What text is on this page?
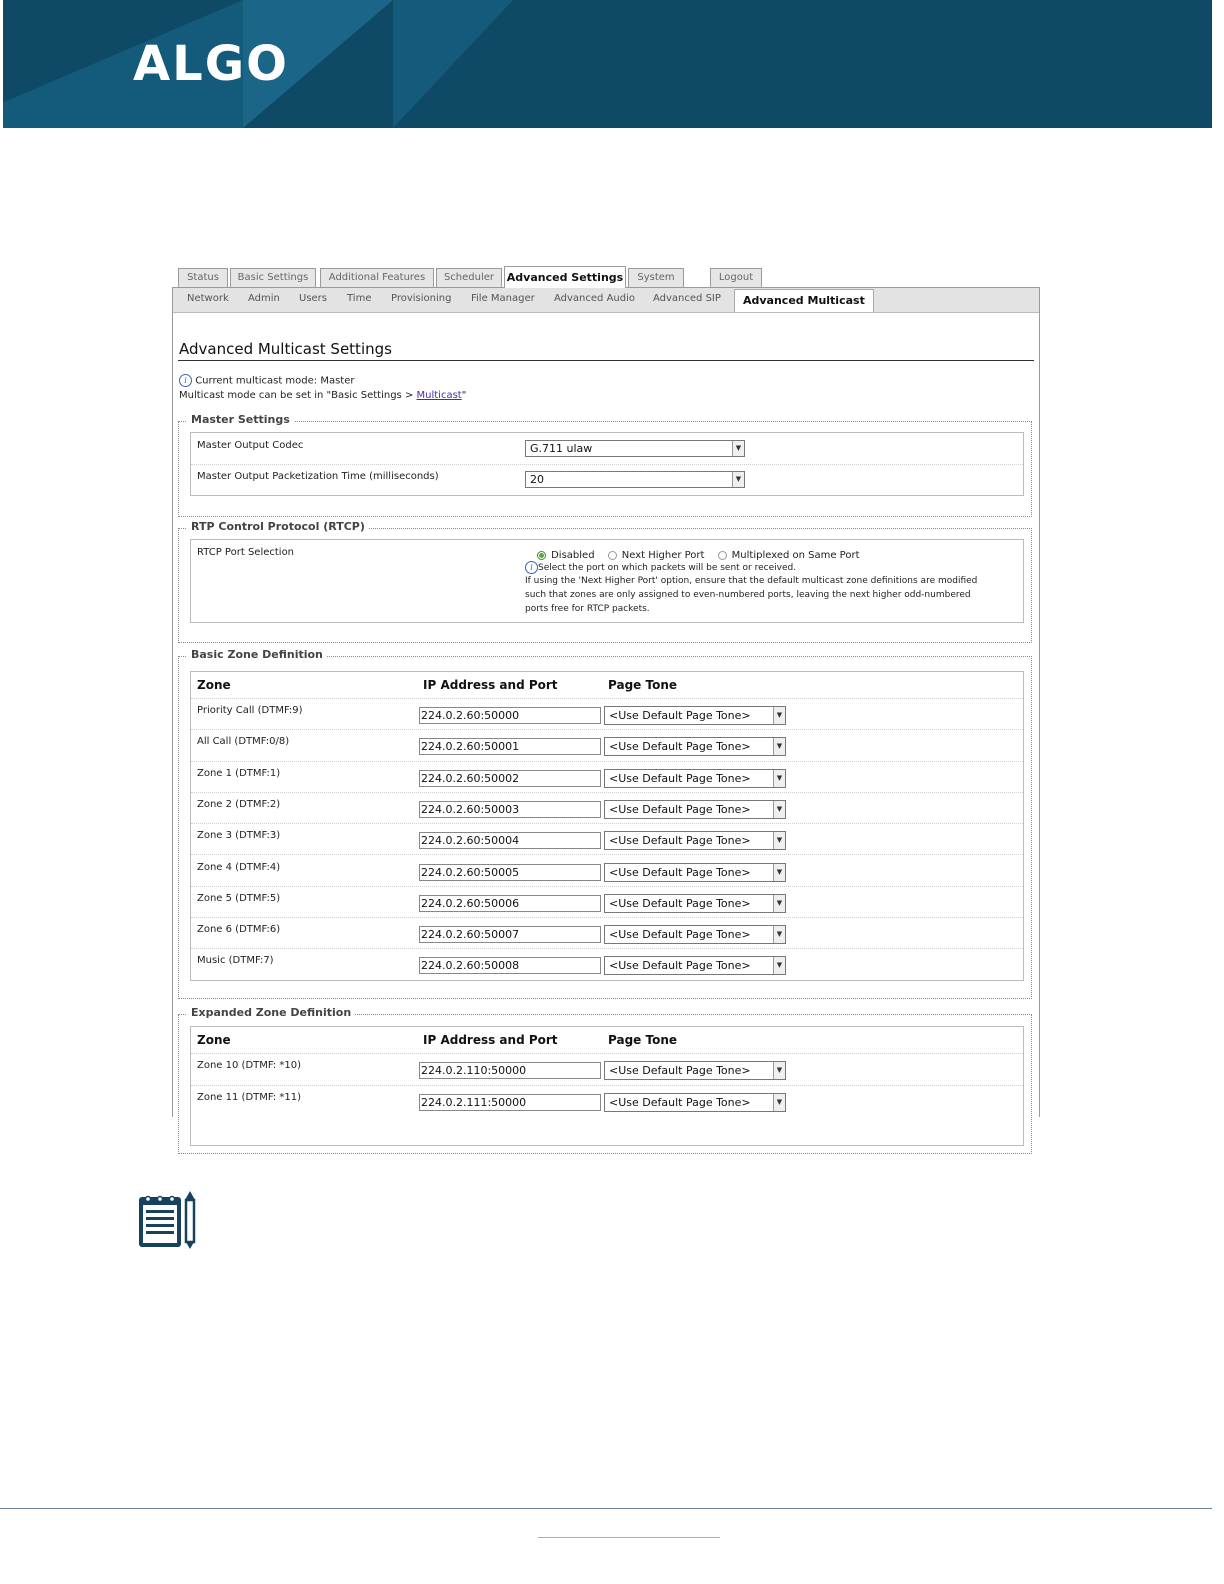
ALGO
Status	Basic Settings	Additional Features	Scheduler	Advanced Settings	System	Logout
Network Admin Users Time Provisioning File Manager Advanced Audio Advanced SIP	Advanced Multicast
Advanced Multicast Settings
i Current multicast mode: Master
Multicast mode can be set in "Basic Settings > Multicast"
Master Settings
Master Output Codec	G.711 ulaw	▼
Master Output Packetization Time (milliseconds)	20	▼
RTP Control Protocol (RTCP)
RTCP Port Selection	Disabled	Next Higher Port	Multiplexed on Same Port
i Select the port on which packets will be sent or received.
If using the 'Next Higher Port' option, ensure that the default multicast zone definitions are modified
such that zones are only assigned to even-numbered ports, leaving the next higher odd-numbered
ports free for RTCP packets.
Basic Zone Definition
Zone	IP Address and Port	Page Tone
Priority Call (DTMF:9)	224.0.2.60:50000	<Use Default Page Tone>	▼
All Call (DTMF:0/8)	224.0.2.60:50001	<Use Default Page Tone>	▼
Zone 1 (DTMF:1)	224.0.2.60:50002	<Use Default Page Tone>	▼
Zone 2 (DTMF:2)	224.0.2.60:50003	<Use Default Page Tone>	▼
Zone 3 (DTMF:3)	224.0.2.60:50004	<Use Default Page Tone>	▼
Zone 4 (DTMF:4)	224.0.2.60:50005	<Use Default Page Tone>	▼
Zone 5 (DTMF:5)	224.0.2.60:50006	<Use Default Page Tone>	▼
Zone 6 (DTMF:6)	224.0.2.60:50007	<Use Default Page Tone>	▼
Music (DTMF:7)	224.0.2.60:50008	<Use Default Page Tone>	▼
Expanded Zone Definition
Zone	IP Address and Port	Page Tone
Zone 10 (DTMF: *10)	224.0.2.110:50000	<Use Default Page Tone>	▼
Zone 11 (DTMF: *11)	224.0.2.111:50000	<Use Default Page Tone>	▼
